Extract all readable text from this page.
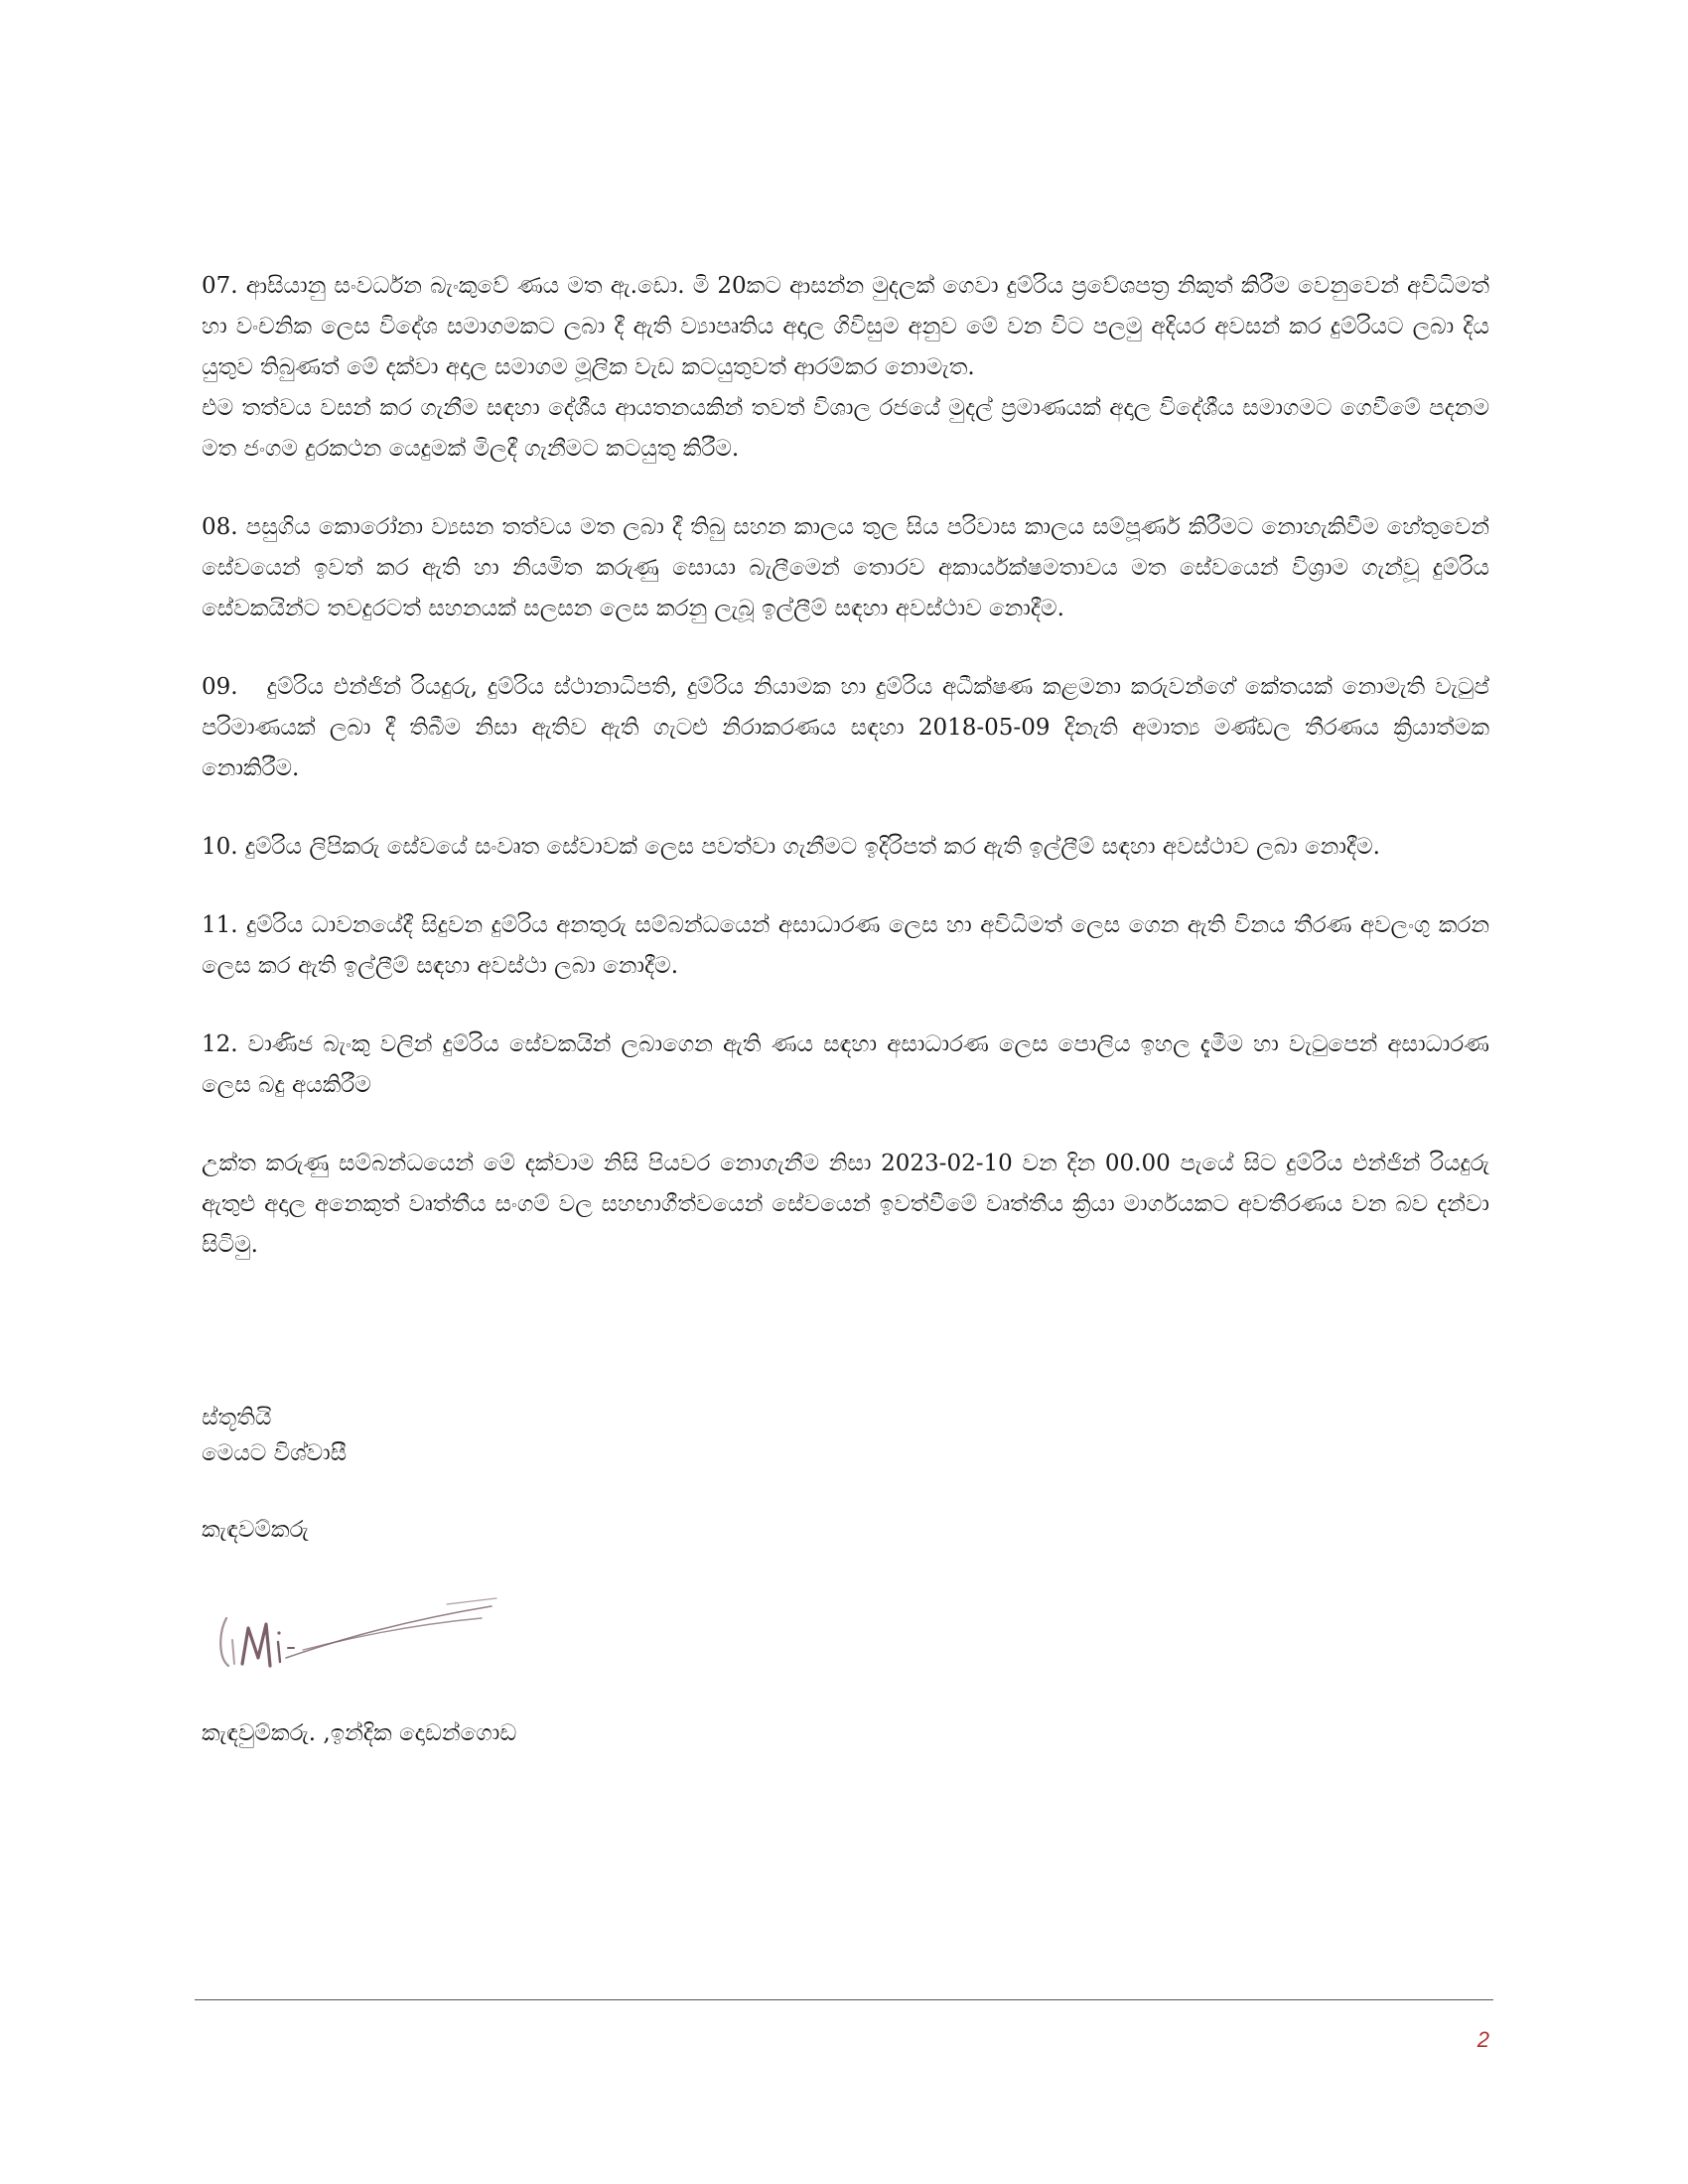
07. ආසියානු සංවර්ධන බැංකුවේ ණය මත ඇ.ඩො. මි 20කට ආසන්න මුදලක් ගෙවා දුම්රිය ප්‍රවේශපත්‍ර නිකුත් කිරීම වෙනුවෙන් අවිධිමත් හා වංචනික ලෙස විදේශ සමාගමකට ලබා දී ඇති ව්‍යාපෘතිය අදාල ගිවිසුම අනුව මේ වන විට පලමු අදියර අවසන් කර දුම්රියට ලබා දිය යුතුව තිබුණත් මේ දක්වා අදාල සමාගම මූලික වැඩ කටයුතුවත් ආරම්කර නොමැත.

එම තත්වය වසන් කර ගැනීම සඳහා දේශීය ආයතනයකින් තවත් විශාල රජයේ මුදල් ප්‍රමාණයක් අදාල විදේශීය සමාගමට ගෙවීමේ පදනම මත ජංගම දුරකථන යෙදුමක් මිලදී ගැනීමට කටයුතු කිරීම.

08. පසුගිය කොරෝනා ව්‍යසන තත්වය මත ලබා දී තිබු සහන කාලය තුල සිය පරිවාස කාලය සම්පූර්ණ කිරීමට නොහැකිවීම හේතුවෙන් සේවයෙන් ඉවත් කර ඇති හා නියමිත කරුණු සොයා බැලීමෙන් තොරව අකාර්යක්ෂමතාවය මත සේවයෙන් විශ්‍රාම ගැන්වූ දුම්රිය සේවකයින්ට තවදුරටත් සහනයක් සලසන ලෙස කරනු ලැබූ ඉල්ලීම් සඳහා අවස්ථාව නොදීම.

09. දුම්රිය එන්ජින් රියදුරු, දුම්රිය ස්ථානාධිපති, දුම්රිය නියාමක හා දුම්රිය අධීක්ෂණ කළමනා කරුවන්ගේ කේතයක් නොමැති වැටුප් පරිමාණයක් ලබා දී තිබීම නිසා ඇතිව ඇති ගැටළු නිරාකරණය සඳහා 2018-05-09 දිනැති අමාත්‍ය මණ්ඩල තීරණය ක්‍රියාත්මක නොකිරීම.

10. දුම්රිය ලිපිකරු සේවයේ සංවෘත සේවාවක් ලෙස පවත්වා ගැනීමට ඉදිරිපත් කර ඇති ඉල්ලීම් සඳහා අවස්ථාව ලබා නොදීම.

11. දුම්රිය ධාවනයේදී සිදුවන දුම්රිය අනතුරු සම්බන්ධයෙන් අසාධාරණ ලෙස හා අවිධිමත් ලෙස ගෙන ඇති විනය තීරණ අවලංගු කරන ලෙස කර ඇති ඉල්ලීම් සඳහා අවස්ථා ලබා නොදීම.

12. වාණිජ බැංකු වලින් දුම්රිය සේවකයින් ලබාගෙන ඇති ණය සඳහා අසාධාරණ ලෙස පොලිය ඉහල දැමීම හා වැටුපෙන් අසාධාරණ ලෙස බදු අයකිරීම

උක්ත කරුණු සම්බන්ධයෙන් මේ දක්වාම නිසි පියවර නොගැනීම නිසා 2023-02-10 වන දින 00.00 පැයේ සිට දුම්රිය එන්ජින් රියදුරු ඇතුළු අදාල අනෙකුත් වෘත්තීය සංගම් වල සහභාගීත්වයෙන් සේවයෙන් ඉවත්වීමේ වෘත්තීය ක්‍රියා මාර්ගයකට අවතීරණය වන බව දන්වා සිටිමු.

ස්තූතියි

මෙයට විශ්වාසී

කැඳවම්කරු

කැඳවුම්කරු. ,ඉන්දික දොඩන්ගොඩ

2
